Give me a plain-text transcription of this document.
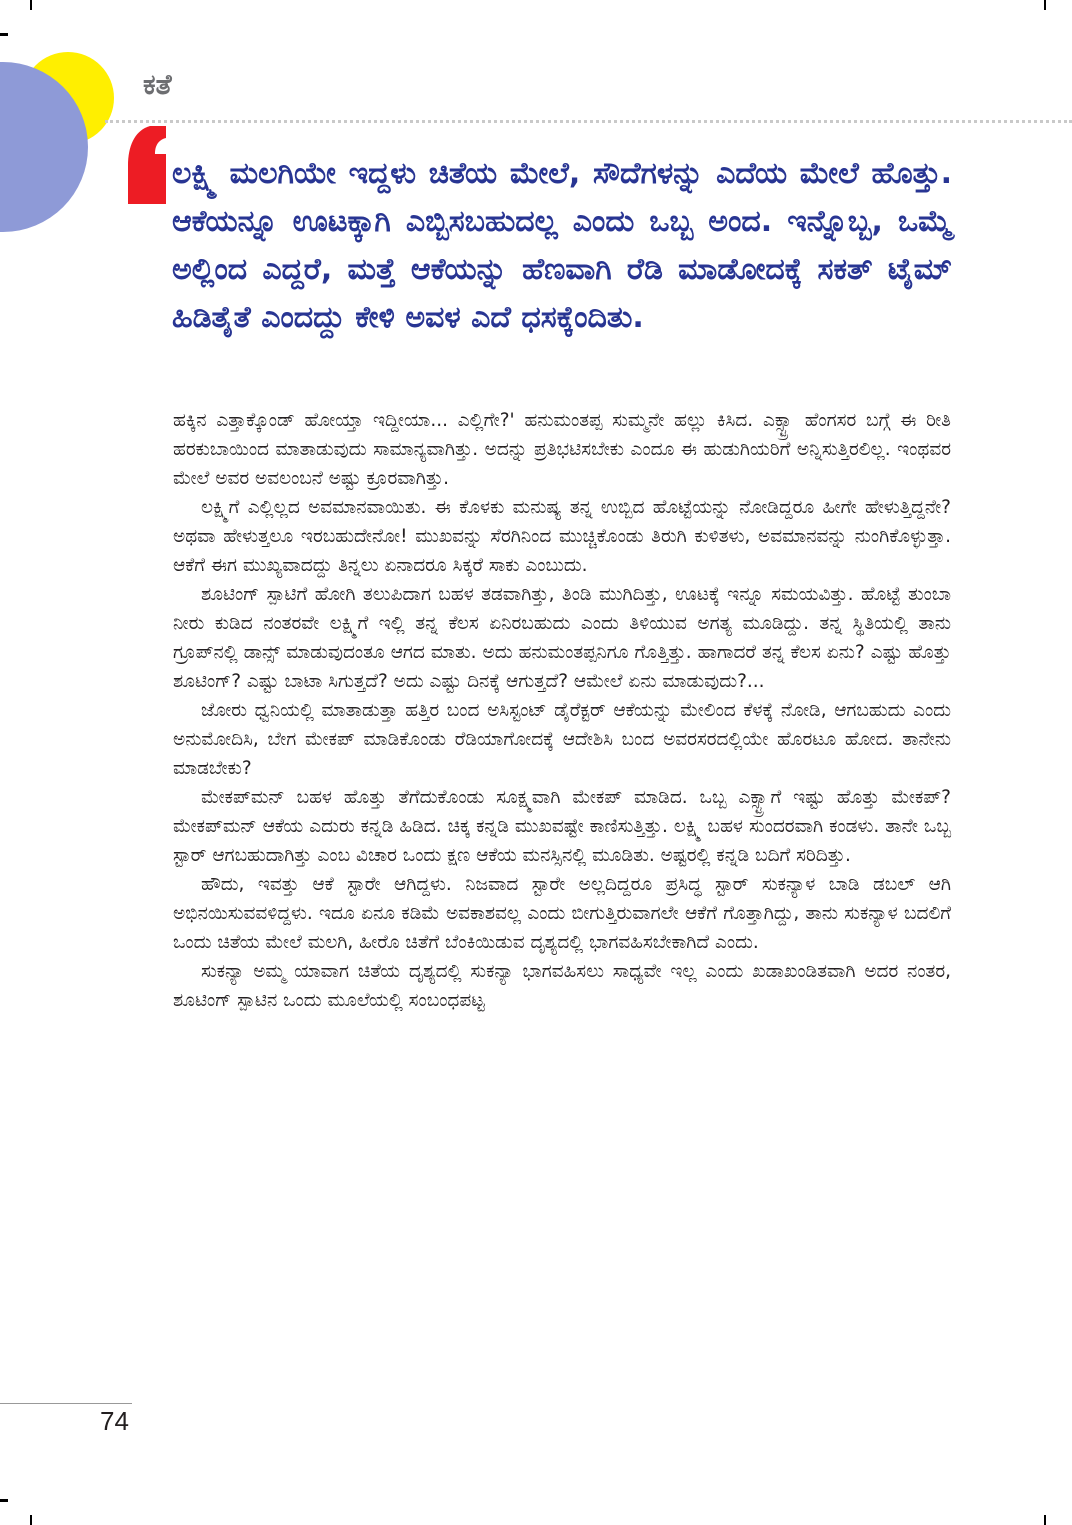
ಕತೆ

ಲಕ್ಷ್ಮಿ ಮಲಗಿಯೇ ಇದ್ದಳು ಚಿತೆಯ ಮೇಲೆ, ಸೌದೆಗಳನ್ನು ಎದೆಯ ಮೇಲೆ ಹೊತ್ತು. ಆಕೆಯನ್ನೂ ಊಟಕ್ಕಾಗಿ ಎಬ್ಬಿಸಬಹುದಲ್ಲ ಎಂದು ಒಬ್ಬ ಅಂದ. ಇನ್ನೊಬ್ಬ, ಒಮ್ಮೆ ಅಲ್ಲಿಂದ ಎದ್ದರೆ, ಮತ್ತೆ ಆಕೆಯನ್ನು ಹೆಣವಾಗಿ ರೆಡಿ ಮಾಡೋದಕ್ಕೆ ಸಕತ್ ಟೈಮ್ ಹಿಡಿತೈತೆ ಎಂದದ್ದು ಕೇಳಿ ಅವಳ ಎದೆ ಧಸಕ್ಕೆಂದಿತು.

ಹಕ್ಕಿನ ಎತ್ತಾಕ್ಕೊಂಡ್ ಹೋಯ್ತಾ ಇದ್ದೀಯಾ... ಎಲ್ಲಿಗೇ?' ಹನುಮಂತಪ್ಪ ಸುಮ್ಮನೇ ಹಲ್ಲು ಕಿಸಿದ. ಎಕ್ಸ್ಟ್ರಾ ಹೆಂಗಸರ ಬಗ್ಗೆ ಈ ರೀತಿ ಹರಕುಬಾಯಿಂದ ಮಾತಾಡುವುದು ಸಾಮಾನ್ಯವಾಗಿತ್ತು. ಅದನ್ನು ಪ್ರತಿಭಟಿಸಬೇಕು ಎಂದೂ ಈ ಹುಡುಗಿಯರಿಗೆ ಅನ್ನಿಸುತ್ತಿರಲಿಲ್ಲ. ಇಂಥವರ ಮೇಲೆ ಅವರ ಅವಲಂಬನೆ ಅಷ್ಟು ಕ್ರೂರವಾಗಿತ್ತು.

ಲಕ್ಷ್ಮಿಗೆ ಎಲ್ಲಿಲ್ಲದ ಅವಮಾನವಾಯಿತು. ಈ ಕೊಳಕು ಮನುಷ್ಯ ತನ್ನ ಉಬ್ಬಿದ ಹೊಟ್ಟೆಯನ್ನು ನೋಡಿದ್ದರೂ ಹೀಗೇ ಹೇಳುತ್ತಿದ್ದನೇ? ಅಥವಾ ಹೇಳುತ್ತಲೂ ಇರಬಹುದೇನೋ! ಮುಖವನ್ನು ಸೆರಗಿನಿಂದ ಮುಚ್ಚಿಕೊಂಡು ತಿರುಗಿ ಕುಳಿತಳು, ಅವಮಾನವನ್ನು ನುಂಗಿಕೊಳ್ಳುತ್ತಾ. ಆಕೆಗೆ ಈಗ ಮುಖ್ಯವಾದದ್ದು ತಿನ್ನಲು ಏನಾದರೂ ಸಿಕ್ಕರೆ ಸಾಕು ಎಂಬುದು.

ಶೂಟಿಂಗ್ ಸ್ಪಾಟಿಗೆ ಹೋಗಿ ತಲುಪಿದಾಗ ಬಹಳ ತಡವಾಗಿತ್ತು, ತಿಂಡಿ ಮುಗಿದಿತ್ತು, ಊಟಕ್ಕೆ ಇನ್ನೂ ಸಮಯವಿತ್ತು. ಹೊಟ್ಟೆ ತುಂಬಾ ನೀರು ಕುಡಿದ ನಂತರವೇ ಲಕ್ಷ್ಮಿಗೆ ಇಲ್ಲಿ ತನ್ನ ಕೆಲಸ ಏನಿರಬಹುದು ಎಂದು ತಿಳಿಯುವ ಅಗತ್ಯ ಮೂಡಿದ್ದು. ತನ್ನ ಸ್ಥಿತಿಯಲ್ಲಿ ತಾನು ಗ್ರೂಪ್‌ನಲ್ಲಿ ಡಾನ್ಸ್ ಮಾಡುವುದಂತೂ ಆಗದ ಮಾತು. ಅದು ಹನುಮಂತಪ್ಪನಿಗೂ ಗೊತ್ತಿತ್ತು. ಹಾಗಾದರೆ ತನ್ನ ಕೆಲಸ ಏನು? ಎಷ್ಟು ಹೊತ್ತು ಶೂಟಿಂಗ್? ಎಷ್ಟು ಬಾಟಾ ಸಿಗುತ್ತದೆ? ಅದು ಎಷ್ಟು ದಿನಕ್ಕೆ ಆಗುತ್ತದೆ? ಆಮೇಲೆ ಏನು ಮಾಡುವುದು?...

ಜೋರು ಧ್ವನಿಯಲ್ಲಿ ಮಾತಾಡುತ್ತಾ ಹತ್ತಿರ ಬಂದ ಅಸಿಸ್ಟಂಟ್ ಡೈರೆಕ್ಟರ್ ಆಕೆಯನ್ನು ಮೇಲಿಂದ ಕೆಳಕ್ಕೆ ನೋಡಿ, ಆಗಬಹುದು ಎಂದು ಅನುಮೋದಿಸಿ, ಬೇಗ ಮೇಕಪ್ ಮಾಡಿಕೊಂಡು ರೆಡಿಯಾಗೋದಕ್ಕೆ ಆದೇಶಿಸಿ ಬಂದ ಅವರಸರದಲ್ಲಿಯೇ ಹೊರಟೂ ಹೋದ. ತಾನೇನು ಮಾಡಬೇಕು?

ಮೇಕಪ್‌ಮನ್ ಬಹಳ ಹೊತ್ತು ತೆಗೆದುಕೊಂಡು ಸೂಕ್ಷ್ಮವಾಗಿ ಮೇಕಪ್ ಮಾಡಿದ. ಒಬ್ಬ ಎಕ್ಸ್ಟ್ರಾಗೆ ಇಷ್ಟು ಹೊತ್ತು ಮೇಕಪ್? ಮೇಕಪ್‌ಮನ್ ಆಕೆಯ ಎದುರು ಕನ್ನಡಿ ಹಿಡಿದ. ಚಿಕ್ಕ ಕನ್ನಡಿ ಮುಖವಷ್ಟೇ ಕಾಣಿಸುತ್ತಿತ್ತು. ಲಕ್ಷ್ಮಿ ಬಹಳ ಸುಂದರವಾಗಿ ಕಂಡಳು. ತಾನೇ ಒಬ್ಬ ಸ್ಟಾರ್ ಆಗಬಹುದಾಗಿತ್ತು ಎಂಬ ವಿಚಾರ ಒಂದು ಕ್ಷಣ ಆಕೆಯ ಮನಸ್ಸಿನಲ್ಲಿ ಮೂಡಿತು. ಅಷ್ಟರಲ್ಲಿ ಕನ್ನಡಿ ಬದಿಗೆ ಸರಿದಿತ್ತು.

ಹೌದು, ಇವತ್ತು ಆಕೆ ಸ್ಟಾರೇ ಆಗಿದ್ದಳು. ನಿಜವಾದ ಸ್ಟಾರೇ ಅಲ್ಲದಿದ್ದರೂ ಪ್ರಸಿದ್ಧ ಸ್ಟಾರ್ ಸುಕನ್ಯಾಳ ಬಾಡಿ ಡಬಲ್ ಆಗಿ ಅಭಿನಯಿಸುವವಳಿದ್ದಳು. ಇದೂ ಏನೂ ಕಡಿಮೆ ಅವಕಾಶವಲ್ಲ ಎಂದು ಬೀಗುತ್ತಿರುವಾಗಲೇ ಆಕೆಗೆ ಗೊತ್ತಾಗಿದ್ದು, ತಾನು ಸುಕನ್ಯಾಳ ಬದಲಿಗೆ ಒಂದು ಚಿತೆಯ ಮೇಲೆ ಮಲಗಿ, ಹೀರೊ ಚಿತೆಗೆ ಬೆಂಕಿಯಿಡುವ ದೃಶ್ಯದಲ್ಲಿ ಭಾಗವಹಿಸಬೇಕಾಗಿದೆ ಎಂದು.

ಸುಕನ್ಯಾ ಅಮ್ಮ ಯಾವಾಗ ಚಿತೆಯ ದೃಶ್ಯದಲ್ಲಿ ಸುಕನ್ಯಾ ಭಾಗವಹಿಸಲು ಸಾಧ್ಯವೇ ಇಲ್ಲ ಎಂದು ಖಡಾಖಂಡಿತವಾಗಿ ಅದರ ನಂತರ, ಶೂಟಿಂಗ್ ಸ್ಪಾಟಿನ ಒಂದು ಮೂಲೆಯಲ್ಲಿ ಸಂಬಂಧಪಟ್ಟ

74
